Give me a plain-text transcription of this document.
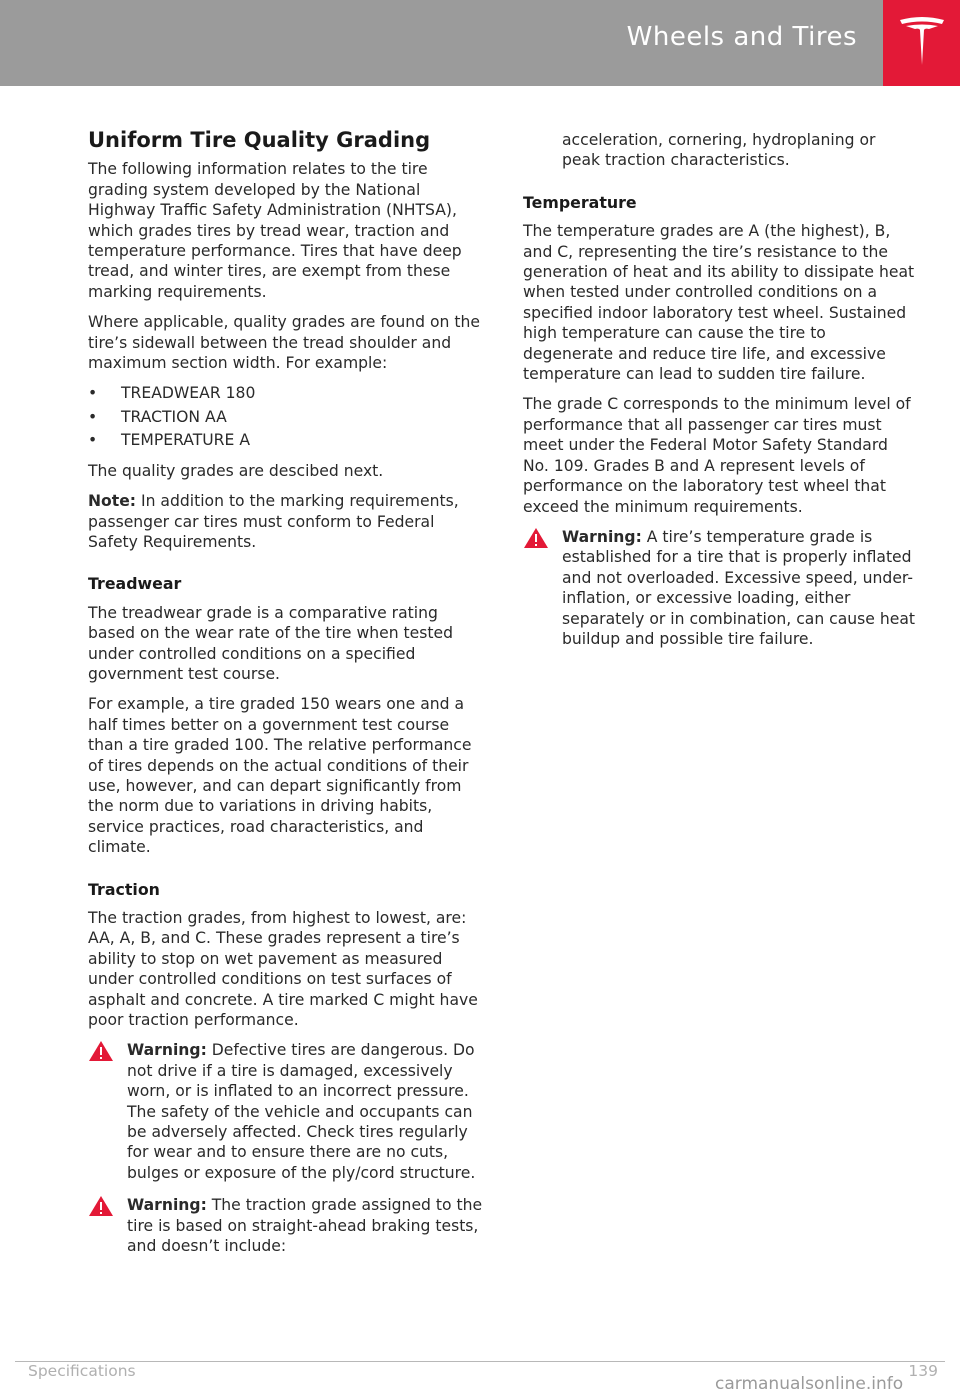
Wheels and Tires
Uniform Tire Quality Grading

The following information relates to the tire grading system developed by the National Highway Traffic Safety Administration (NHTSA), which grades tires by tread wear, traction and temperature performance. Tires that have deep tread, and winter tires, are exempt from these marking requirements.

Where applicable, quality grades are found on the tire’s sidewall between the tread shoulder and maximum section width. For example:

• TREADWEAR 180
• TRACTION AA
• TEMPERATURE A

The quality grades are descibed next.

Note: In addition to the marking requirements, passenger car tires must conform to Federal Safety Requirements.

Treadwear

The treadwear grade is a comparative rating based on the wear rate of the tire when tested under controlled conditions on a specified government test course.

For example, a tire graded 150 wears one and a half times better on a government test course than a tire graded 100. The relative performance of tires depends on the actual conditions of their use, however, and can depart significantly from the norm due to variations in driving habits, service practices, road characteristics, and climate.

Traction

The traction grades, from highest to lowest, are: AA, A, B, and C. These grades represent a tire’s ability to stop on wet pavement as measured under controlled conditions on test surfaces of asphalt and concrete. A tire marked C might have poor traction performance.

Warning: Defective tires are dangerous. Do not drive if a tire is damaged, excessively worn, or is inflated to an incorrect pressure. The safety of the vehicle and occupants can be adversely affected. Check tires regularly for wear and to ensure there are no cuts, bulges or exposure of the ply/cord structure.
Warning: The traction grade assigned to the tire is based on straight-ahead braking tests, and doesn’t include:

acceleration, cornering, hydroplaning or peak traction characteristics.

Temperature

The temperature grades are A (the highest), B, and C, representing the tire’s resistance to the generation of heat and its ability to dissipate heat when tested under controlled conditions on a specified indoor laboratory test wheel. Sustained high temperature can cause the tire to degenerate and reduce tire life, and excessive temperature can lead to sudden tire failure.

The grade C corresponds to the minimum level of performance that all passenger car tires must meet under the Federal Motor Safety Standard No. 109. Grades B and A represent levels of performance on the laboratory test wheel that exceed the minimum requirements.

Warning: A tire’s temperature grade is established for a tire that is properly inflated and not overloaded. Excessive speed, under-inflation, or excessive loading, either separately or in combination, can cause heat buildup and possible tire failure.
Specifications	139
carmanualsonline.info
